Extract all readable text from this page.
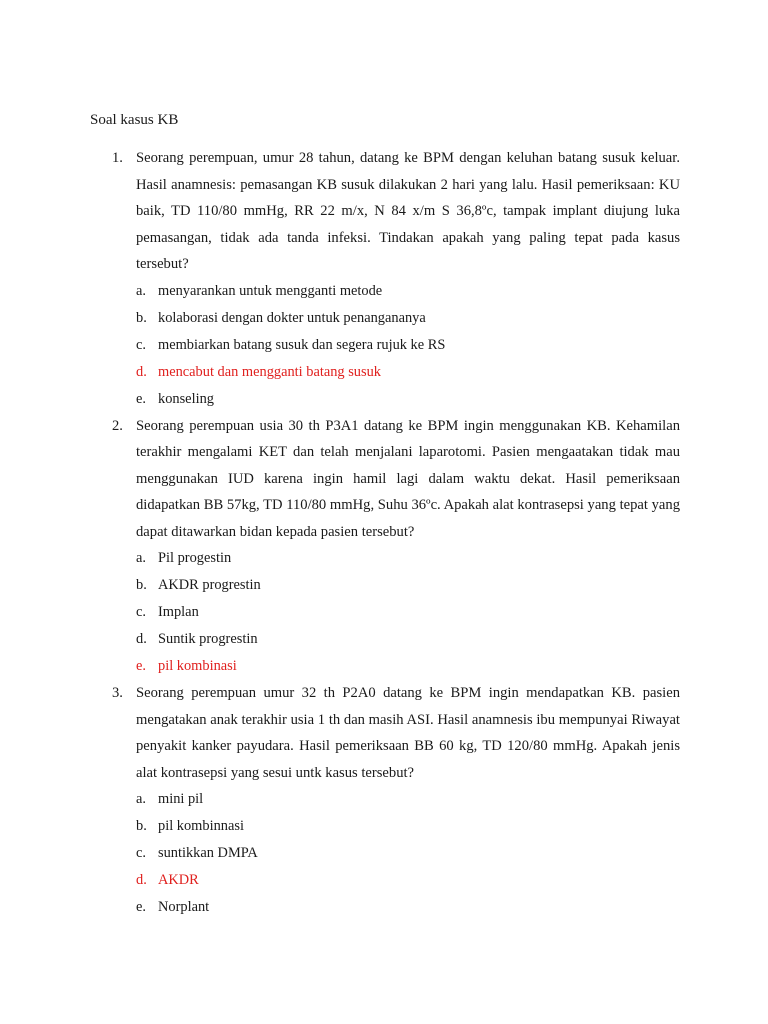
Soal kasus KB
1. Seorang perempuan, umur 28 tahun, datang ke BPM dengan keluhan batang susuk keluar. Hasil anamnesis: pemasangan KB susuk dilakukan 2 hari yang lalu. Hasil pemeriksaan: KU baik, TD 110/80 mmHg, RR 22 m/x, N 84 x/m S 36,8ºc, tampak implant diujung luka pemasangan, tidak ada tanda infeksi. Tindakan apakah yang paling tepat pada kasus tersebut?

a. menyarankan untuk mengganti metode
b. kolaborasi dengan dokter untuk penangananya
c. membiarkan batang susuk dan segera rujuk ke RS
d. mencabut dan mengganti batang susuk
e. konseling
2. Seorang perempuan usia 30 th P3A1 datang ke BPM ingin menggunakan KB. Kehamilan terakhir mengalami KET dan telah menjalani laparotomi. Pasien mengaatakan tidak mau menggunakan IUD karena ingin hamil lagi dalam waktu dekat. Hasil pemeriksaan didapatkan BB 57kg, TD 110/80 mmHg, Suhu 36ºc. Apakah alat kontrasepsi yang tepat yang dapat ditawarkan bidan kepada pasien tersebut?

a. Pil progestin
b. AKDR progrestin
c. Implan
d. Suntik progrestin
e. pil kombinasi
3. Seorang perempuan umur 32 th P2A0 datang ke BPM ingin mendapatkan KB. pasien mengatakan anak terakhir usia 1 th dan masih ASI. Hasil anamnesis ibu mempunyai Riwayat penyakit kanker payudara. Hasil pemeriksaan BB 60 kg, TD 120/80 mmHg. Apakah jenis alat kontrasepsi yang sesui untk kasus tersebut?

a. mini pil
b. pil kombinnasi
c. suntikkan DMPA
d. AKDR
e. Norplant
